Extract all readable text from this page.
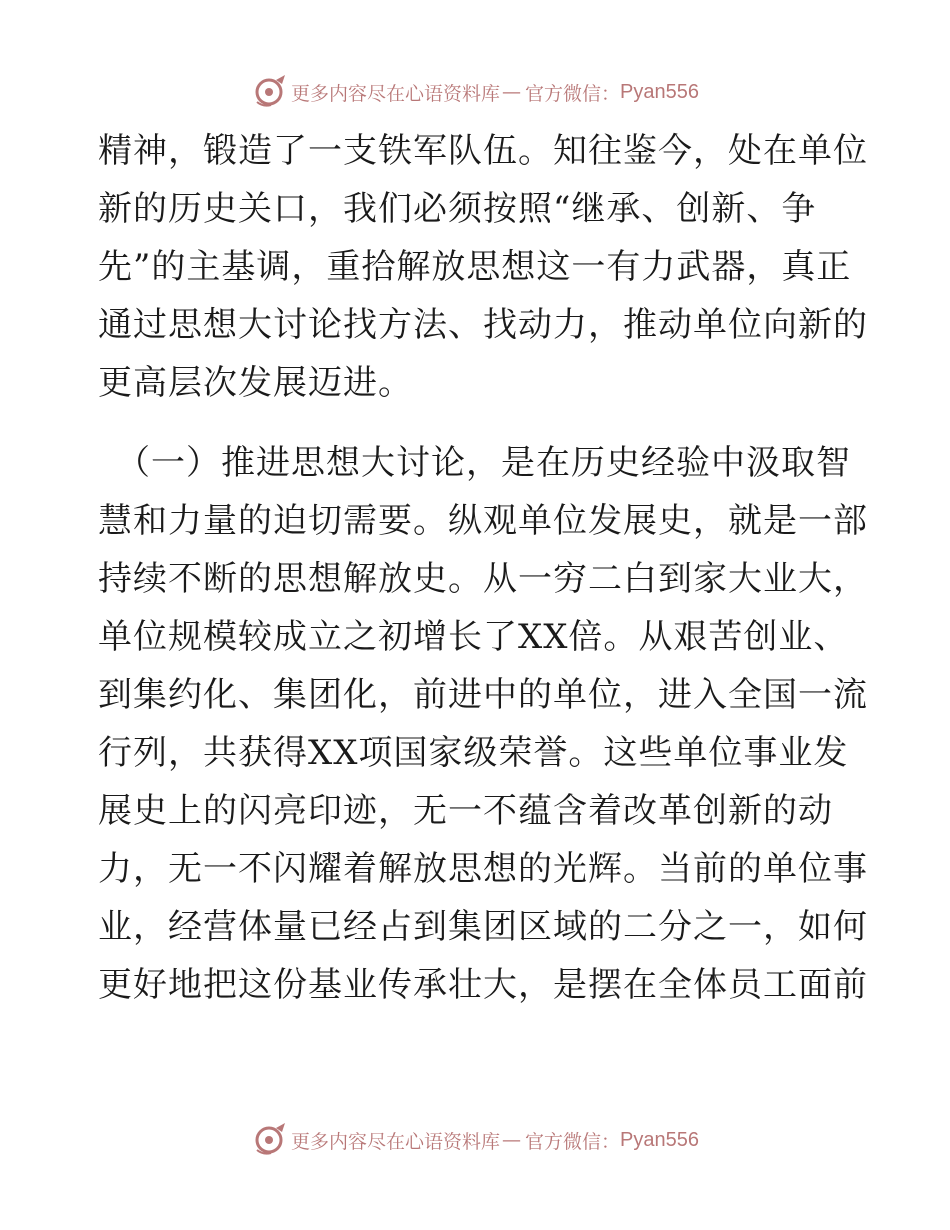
更多内容尽在心语资料库 — 官方微信： Pyan556
精神，锻造了一支铁军队伍。知往鉴今，处在单位
新的历史关口，我们必须按照“继承、创新、争
先”的主基调，重拾解放思想这一有力武器，真正
通过思想大讨论找方法、找动力，推动单位向新的
更高层次发展迈进。
（一）推进思想大讨论，是在历史经验中汲取智
慧和力量的迫切需要。纵观单位发展史，就是一部
持续不断的思想解放史。从一穷二白到家大业大，
单位规模较成立之初增长了XX倍。从艰苦创业、
到集约化、集团化，前进中的单位，进入全国一流
行列，共获得XX项国家级荣誉。这些单位事业发
展史上的闪亮印迹，无一不蕴含着改革创新的动
力，无一不闪耀着解放思想的光辉。当前的单位事
业，经营体量已经占到集团区域的二分之一，如何
更好地把这份基业传承壮大，是摆在全体员工面前
更多内容尽在心语资料库 — 官方微信： Pyan556
